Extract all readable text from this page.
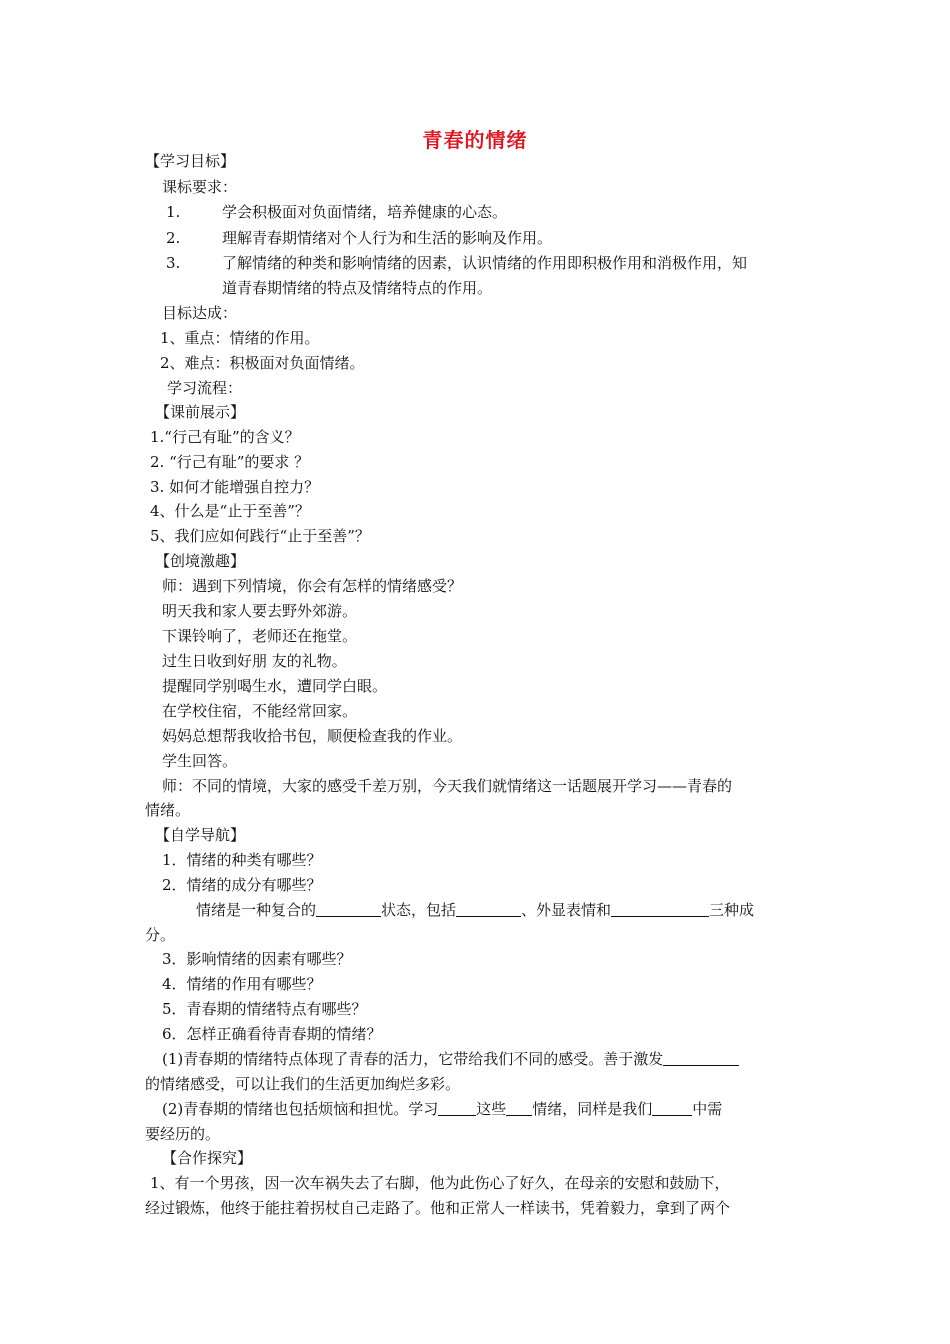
青春的情绪
【学习目标】
课标要求：
1.	学会积极面对负面情绪，培养健康的心态。
2.	理解青春期情绪对个人行为和生活的影响及作用。
3.	了解情绪的种类和影响情绪的因素，认识情绪的作用即积极作用和消极作用，知
道青春期情绪的特点及情绪特点的作用。
目标达成：
1、重点：情绪的作用。
2、难点：积极面对负面情绪。
学习流程：
【课前展示】
1.“行己有耻”的含义？
2. “行己有耻”的要求 ？
3. 如何才能增强自控力？
4、什么是“止于至善”？
5、我们应如何践行“止于至善”？
【创境激趣】
师：遇到下列情境，你会有怎样的情绪感受？
明天我和家人要去野外郊游。
下课铃响了，老师还在拖堂。
过生日收到好朋 友的礼物。
提醒同学别喝生水，遭同学白眼。
在学校住宿，不能经常回家。
妈妈总想帮我收拾书包，顺便检查我的作业。
学生回答。
师：不同的情境，大家的感受千差万别，今天我们就情绪这一话题展开学习——青春的
情绪。
【自学导航】
1．情绪的种类有哪些？
2．情绪的成分有哪些？
情绪是一种复合的	状态，包括	、外显表情和	三种成
分。
3．影响情绪的因素有哪些？
4．情绪的作用有哪些？
5．青春期的情绪特点有哪些？
6．怎样正确看待青春期的情绪？
(1)青春期的情绪特点体现了青春的活力，它带给我们不同的感受。善于激发
的情绪感受，可以让我们的生活更加绚烂多彩。
(2)青春期的情绪也包括烦恼和担忧。学习	这些 情绪，同样是我们	中需
要经历的。
【合作探究】
1、有一个男孩，因一次车祸失去了右脚，他为此伤心了好久，在母亲的安慰和鼓励下，
经过锻炼，他终于能拄着拐杖自己走路了。他和正常人一样读书，凭着毅力，拿到了两个
